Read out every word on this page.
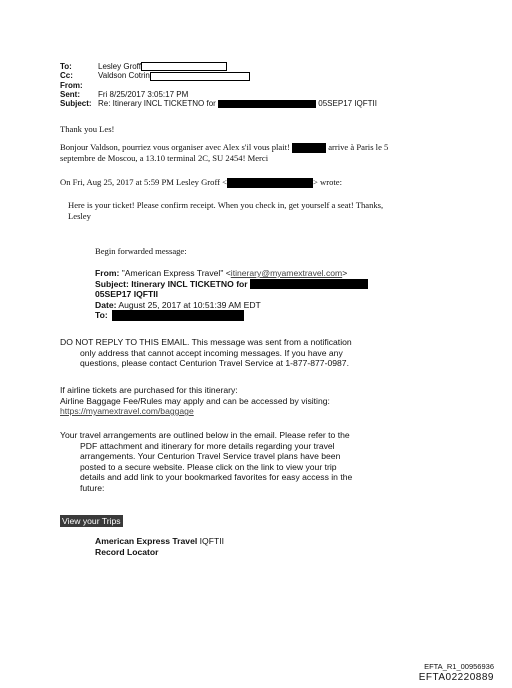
To:	Lesley Groff
Cc:	Valdson Cotrin
From:
Sent: Fri 8/25/2017 3:05:17 PM
Subject: Re: Itinerary INCL TICKETNO for	05SEP17 IQFTII
Thank you Les!
Bonjour Valdson, pourriez vous organiser avec Alex s'il vous plait!	arrive à Paris le 5
septembre de Moscou, a 13.10 terminal 2C, SU 2454! Merci
On Fri, Aug 25, 2017 at 5:59 PM Lesley Groff <	> wrote:
Here is your ticket! Please confirm receipt. When you check in, get yourself a seat! Thanks,
Lesley
Begin forwarded message:
From: "American Express Travel" <itinerary@myamextravel.com>
Subject: Itinerary INCL TICKETNO for
05SEP17 IQFTII
Date: August 25, 2017 at 10:51:39 AM EDT
To:
DO NOT REPLY TO THIS EMAIL. This message was sent from a notification
only address that cannot accept incoming messages. If you have any
questions, please contact Centurion Travel Service at 1-877-877-0987.
If airline tickets are purchased for this itinerary:
Airline Baggage Fee/Rules may apply and can be accessed by visiting:
https://myamextravel.com/baggage
Your travel arrangements are outlined below in the email. Please refer to the
PDF attachment and itinerary for more details regarding your travel
arrangements. Your Centurion Travel Service travel plans have been
posted to a secure website. Please click on the link to view your trip
details and add link to your bookmarked favorites for easy access in the
future:
View your Trips
American Express Travel IQFTII
Record Locator
EFTA_R1_00956936
EFTA02220889
